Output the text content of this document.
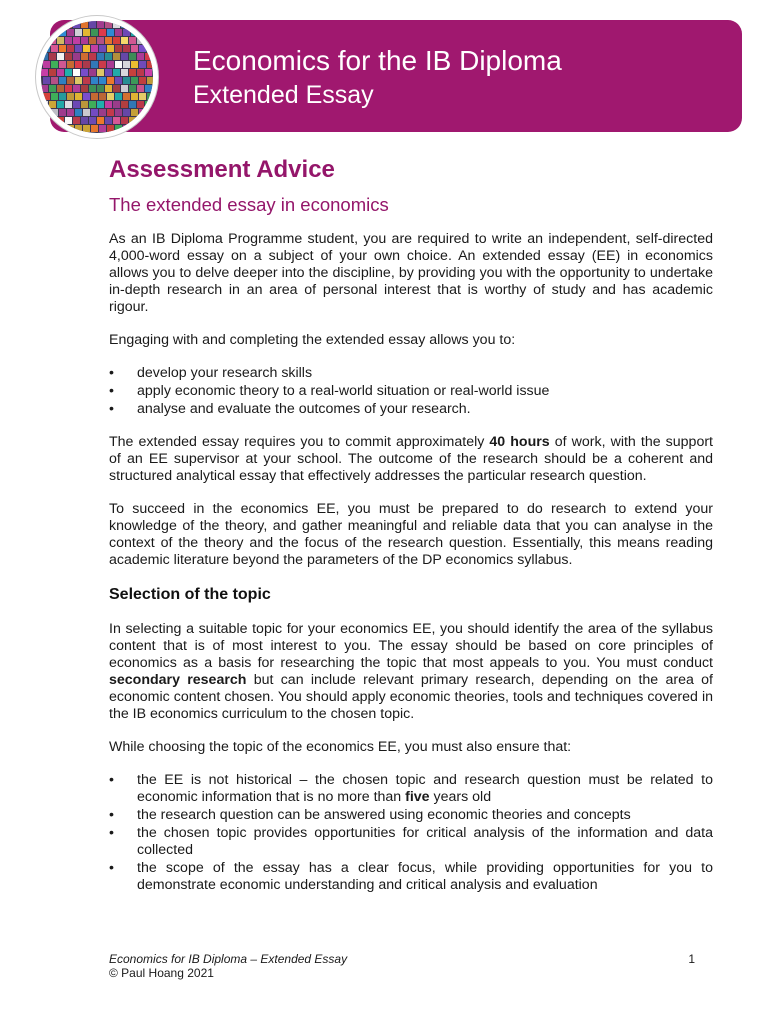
Economics for the IB Diploma
Extended Essay
Assessment Advice
The extended essay in economics

As an IB Diploma Programme student, you are required to write an independent, self-directed 4,000-word essay on a subject of your own choice. An extended essay (EE) in economics allows you to delve deeper into the discipline, by providing you with the opportunity to undertake in-depth research in an area of personal interest that is worthy of study and has academic rigour.

Engaging with and completing the extended essay allows you to:

• develop your research skills
• apply economic theory to a real-world situation or real-world issue
• analyse and evaluate the outcomes of your research.

The extended essay requires you to commit approximately 40 hours of work, with the support of an EE supervisor at your school. The outcome of the research should be a coherent and structured analytical essay that effectively addresses the particular research question.

To succeed in the economics EE, you must be prepared to do research to extend your knowledge of the theory, and gather meaningful and reliable data that you can analyse in the context of the theory and the focus of the research question. Essentially, this means reading academic literature beyond the parameters of the DP economics syllabus.

Selection of the topic

In selecting a suitable topic for your economics EE, you should identify the area of the syllabus content that is of most interest to you. The essay should be based on core principles of economics as a basis for researching the topic that most appeals to you. You must conduct secondary research but can include relevant primary research, depending on the area of economic content chosen. You should apply economic theories, tools and techniques covered in the IB economics curriculum to the chosen topic.

While choosing the topic of the economics EE, you must also ensure that:

• the EE is not historical – the chosen topic and research question must be related to economic information that is no more than five years old
• the research question can be answered using economic theories and concepts
• the chosen topic provides opportunities for critical analysis of the information and data collected
• the scope of the essay has a clear focus, while providing opportunities for you to demonstrate economic understanding and critical analysis and evaluation
Economics for IB Diploma – Extended Essay
© Paul Hoang 2021
1
